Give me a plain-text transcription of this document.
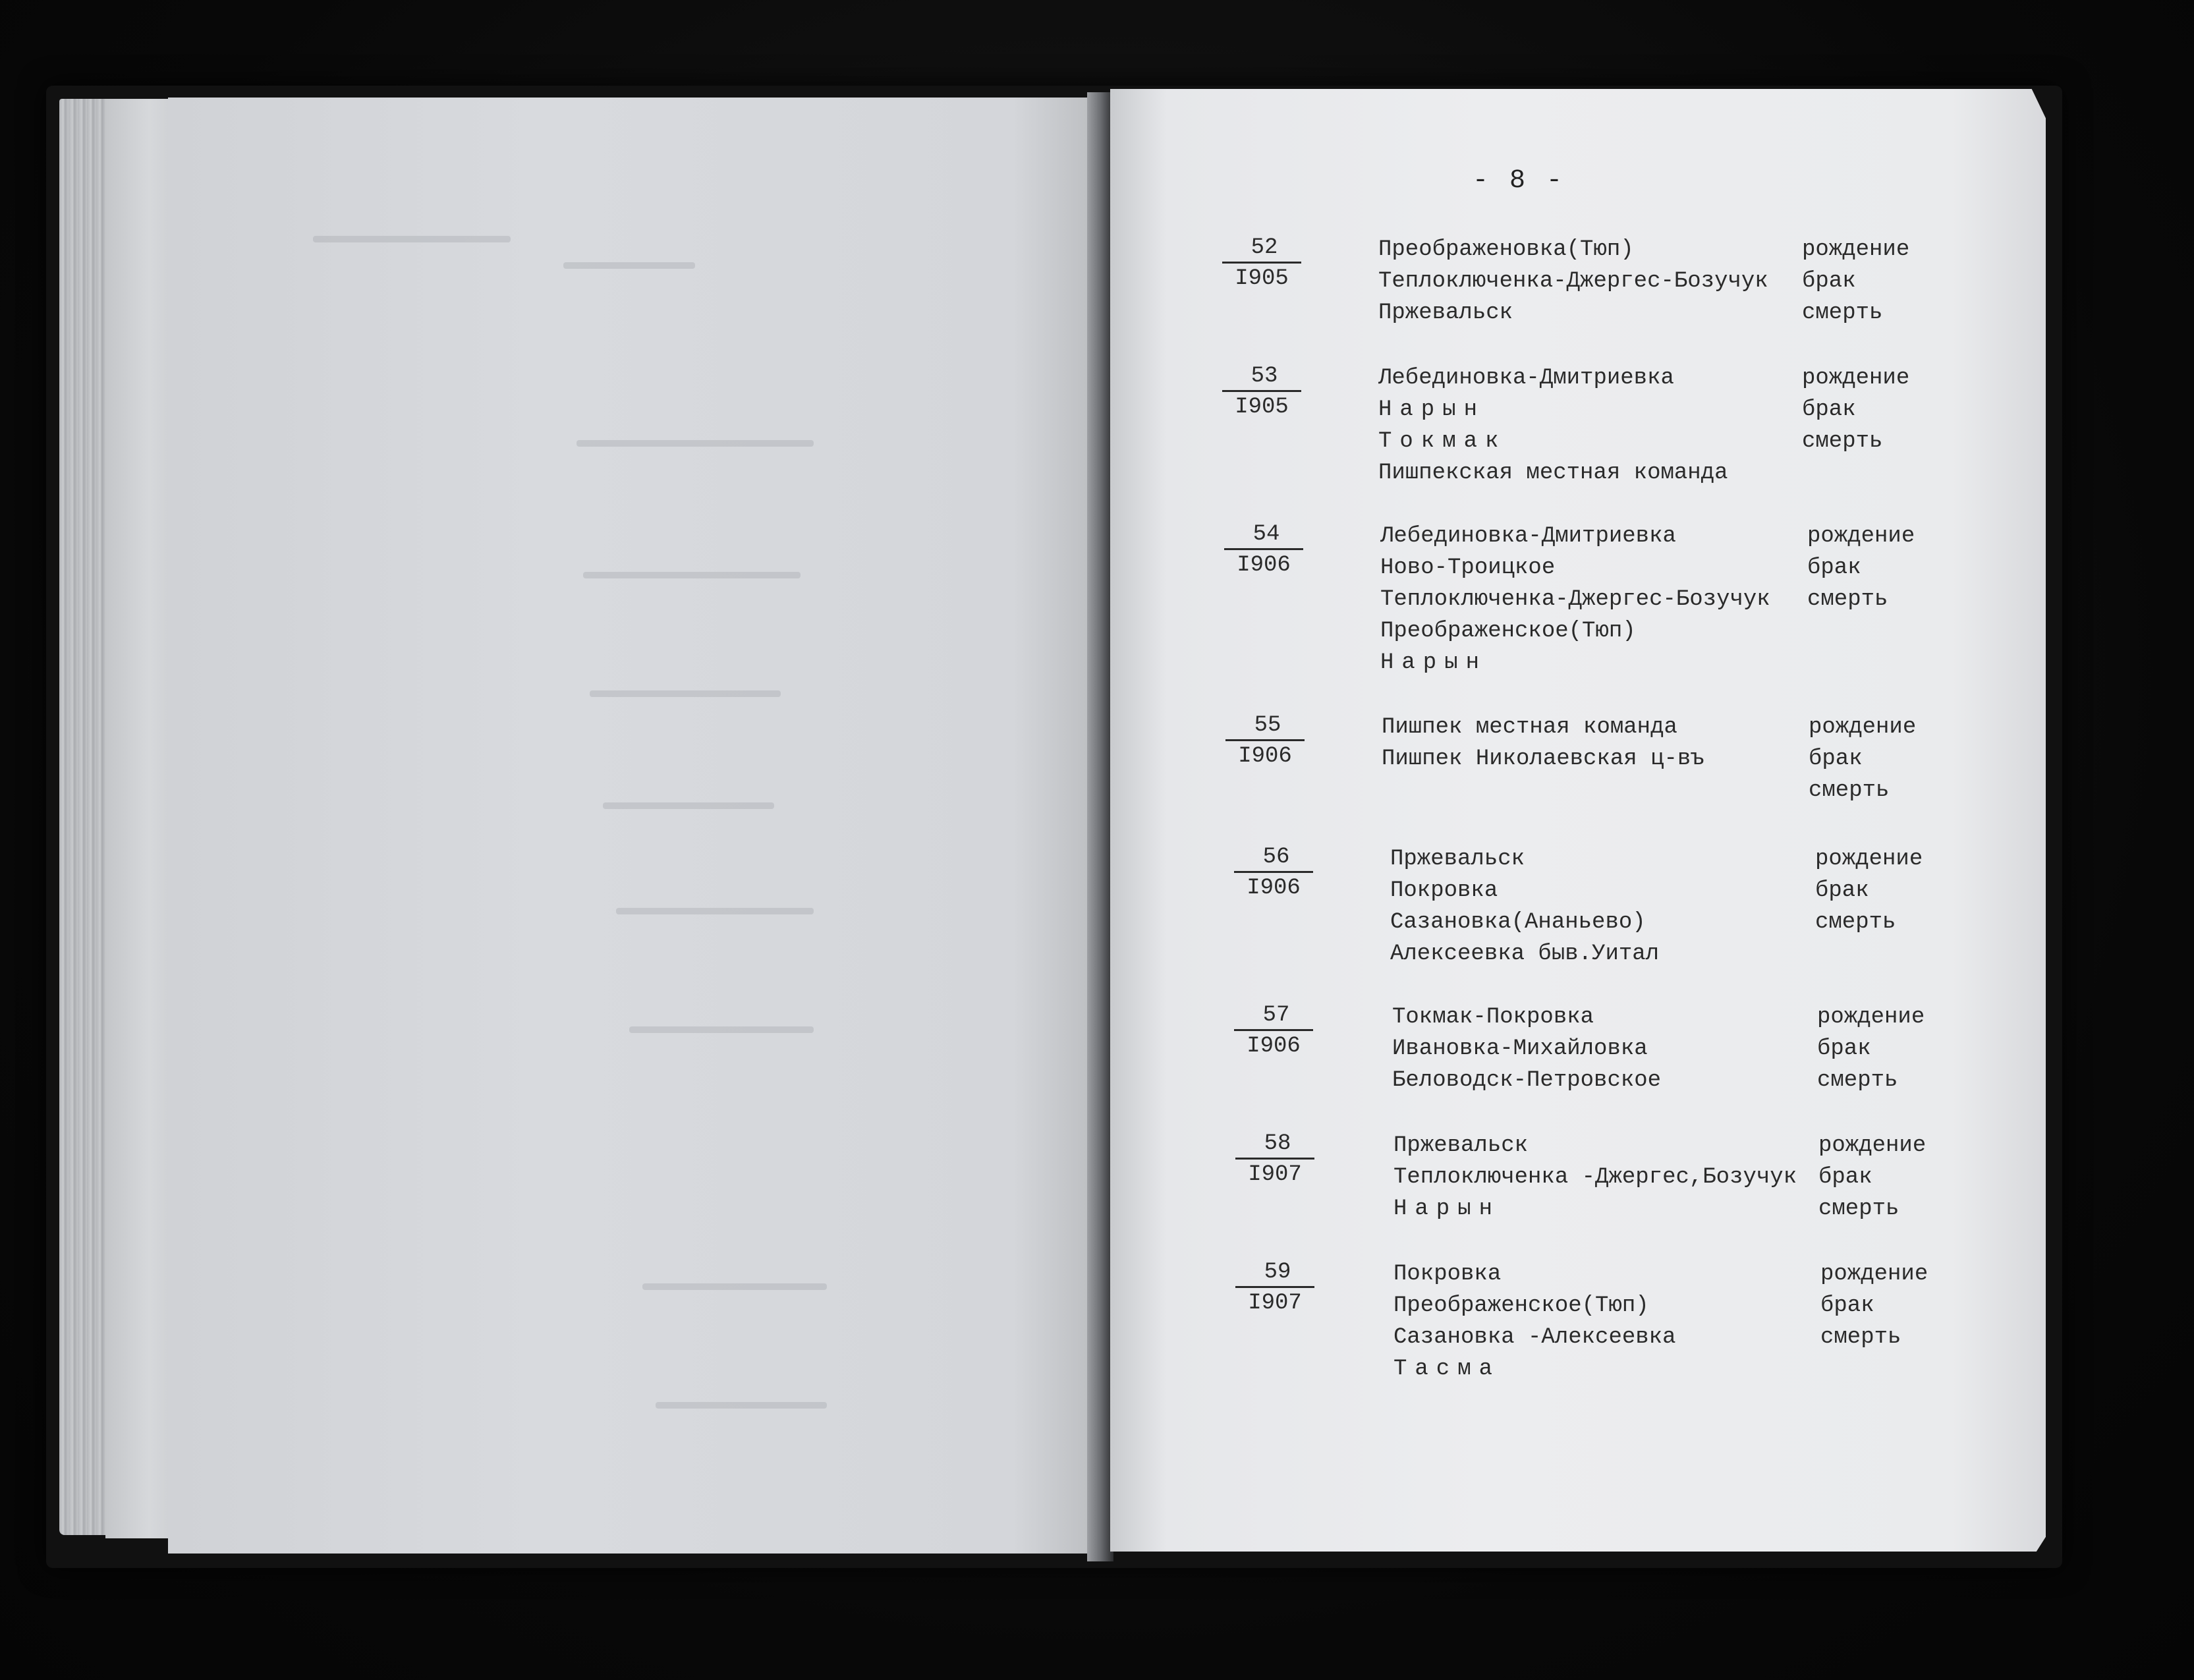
- 8 -
52
I905
Преображеновка(Тюп)
Теплоключенка-Джергес-Бозучук
Пржевальск
рождение
брак
смерть
53
I905
Лебединовка-Дмитриевка
Нарын
Токмак
Пишпекская местная команда
рождение
брак
смерть
54
I906
Лебединовка-Дмитриевка
Ново-Троицкое
Теплоключенка-Джергес-Бозучук
Преображенское(Тюп)
Нарын
рождение
брак
смерть
55
I906
Пишпек местная команда
Пишпек Николаевская ц-въ
рождение
брак
смерть
56
I906
Пржевальск
Покровка
Сазановка(Ананьево)
Алексеевка быв.Уитал
рождение
брак
смерть
57
I906
Токмак-Покровка
Ивановка-Михайловка
Беловодск-Петровское
рождение
брак
смерть
58
I907
Пржевальск
Теплоключенка -Джергес,Бозучук
Нарын
рождение
брак
смерть
59
I907
Покровка
Преображенское(Тюп)
Сазановка -Алексеевка
Тасма
рождение
брак
смерть
